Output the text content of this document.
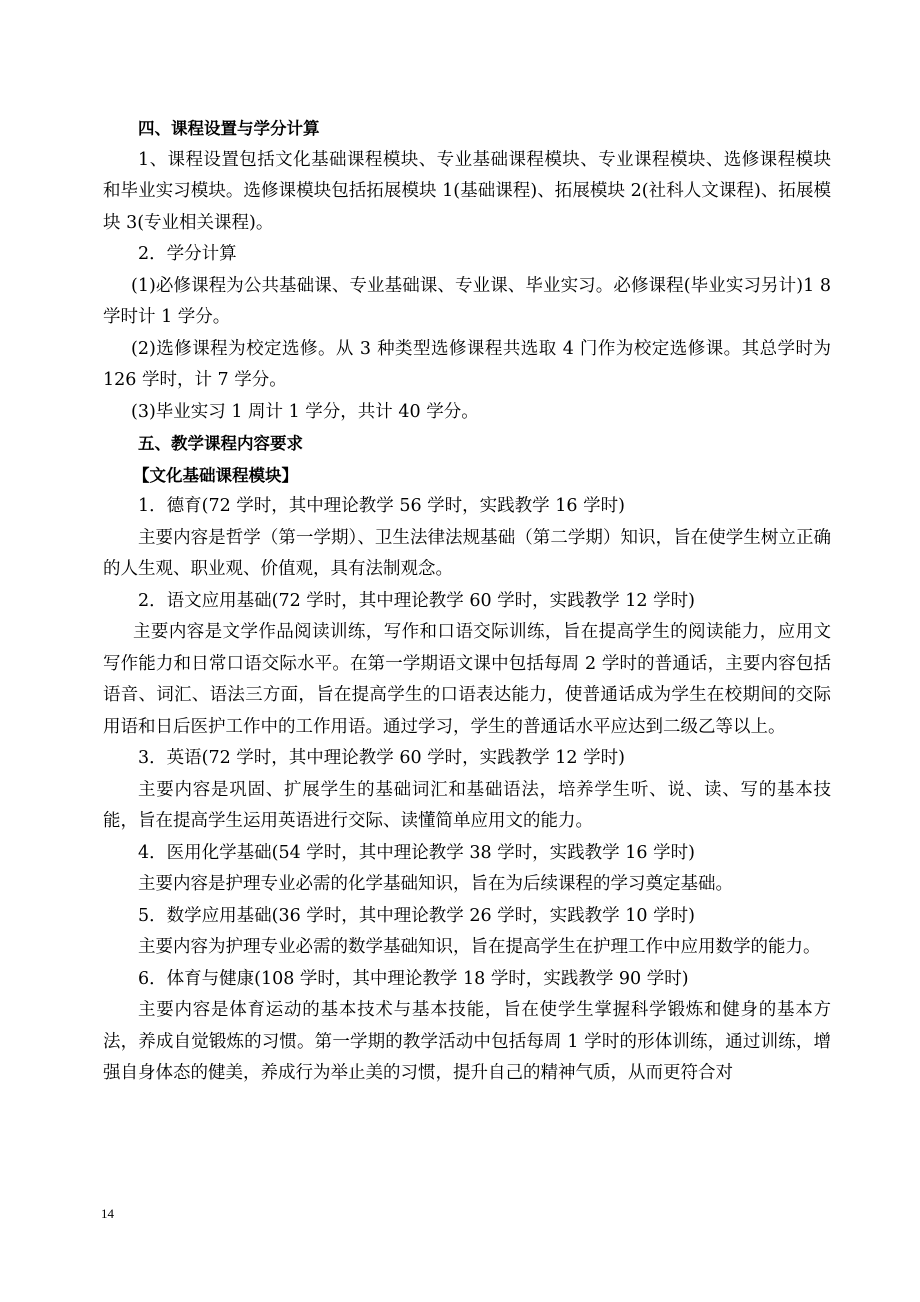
四、课程设置与学分计算

1、课程设置包括文化基础课程模块、专业基础课程模块、专业课程模块、选修课程模块和毕业实习模块。选修课模块包括拓展模块 1(基础课程)、拓展模块 2(社科人文课程)、拓展模块 3(专业相关课程)。

2．学分计算

(1)必修课程为公共基础课、专业基础课、专业课、毕业实习。必修课程(毕业实习另计)1 8 学时计 1 学分。

(2)选修课程为校定选修。从 3 种类型选修课程共选取 4 门作为校定选修课。其总学时为 126 学时，计 7 学分。

(3)毕业实习 1 周计 1 学分，共计 40 学分。

五、教学课程内容要求

【文化基础课程模块】

1．德育(72 学时，其中理论教学 56 学时，实践教学 16 学时)

主要内容是哲学（第一学期）、卫生法律法规基础（第二学期）知识，旨在使学生树立正确的人生观、职业观、价值观，具有法制观念。

2．语文应用基础(72 学时，其中理论教学 60 学时，实践教学 12 学时)

主要内容是文学作品阅读训练，写作和口语交际训练，旨在提高学生的阅读能力，应用文写作能力和日常口语交际水平。在第一学期语文课中包括每周 2 学时的普通话，主要内容包括语音、词汇、语法三方面，旨在提高学生的口语表达能力，使普通话成为学生在校期间的交际用语和日后医护工作中的工作用语。通过学习，学生的普通话水平应达到二级乙等以上。

3．英语(72 学时，其中理论教学 60 学时，实践教学 12 学时)

主要内容是巩固、扩展学生的基础词汇和基础语法，培养学生听、说、读、写的基本技能，旨在提高学生运用英语进行交际、读懂简单应用文的能力。

4．医用化学基础(54 学时，其中理论教学 38 学时，实践教学 16 学时)

主要内容是护理专业必需的化学基础知识，旨在为后续课程的学习奠定基础。

5．数学应用基础(36 学时，其中理论教学 26 学时，实践教学 10 学时)

主要内容为护理专业必需的数学基础知识，旨在提高学生在护理工作中应用数学的能力。

6．体育与健康(108 学时，其中理论教学 18 学时，实践教学 90 学时)

主要内容是体育运动的基本技术与基本技能，旨在使学生掌握科学锻炼和健身的基本方法，养成自觉锻炼的习惯。第一学期的教学活动中包括每周 1 学时的形体训练，通过训练，增强自身体态的健美，养成行为举止美的习惯，提升自己的精神气质，从而更符合对

14
